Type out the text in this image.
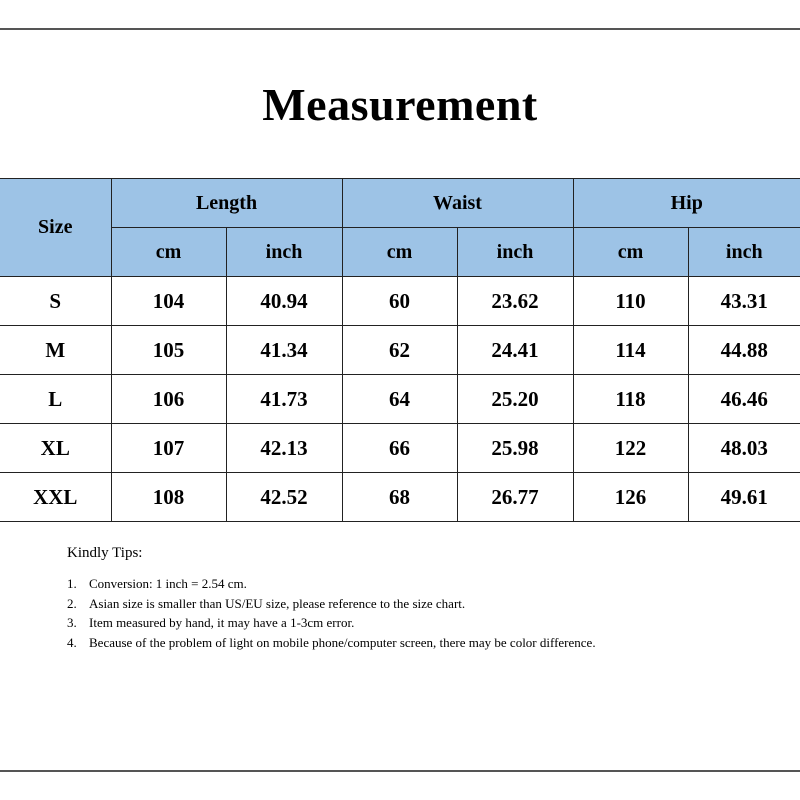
Measurement
Size	Length		Waist		Hip	
	cm	inch	cm	inch	cm	inch
S	104	40.94	60	23.62	110	43.31
M	105	41.34	62	24.41	114	44.88
L	106	41.73	64	25.20	118	46.46
XL	107	42.13	66	25.98	122	48.03
XXL	108	42.52	68	26.77	126	49.61

Kindly Tips:

1. Conversion: 1 inch = 2.54 cm.
2. Asian size is smaller than US/EU size, please reference to the size chart.
3. Item measured by hand, it may have a 1-3cm error.
4. Because of the problem of light on mobile phone/computer screen, there may be color difference.
